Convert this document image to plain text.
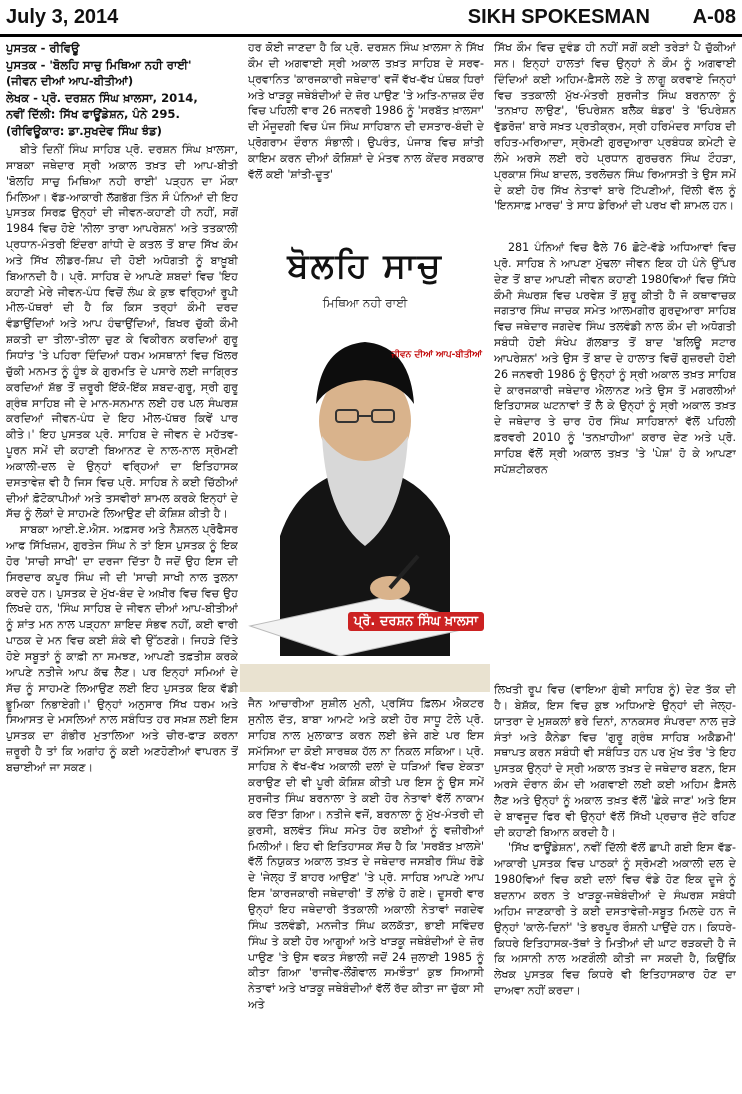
July 3, 2014	SIKH SPOKESMAN A-08
ਪੁਸਤਕ - ਰੀਵਿਊ
ਪੁਸਤਕ - 'ਬੋਲਹਿ ਸਾਚੁ ਮਿਥਿਆ ਨਹੀ ਰਾਈ'
(ਜੀਵਨ ਦੀਆਂ ਆਪ-ਬੀਤੀਆਂ)
ਲੇਖਕ - ਪ੍ਰੋ. ਦਰਸ਼ਨ ਸਿੰਘ ਖ਼ਾਲਸਾ, 2014,
ਨਵੀਂ ਦਿੱਲੀ: ਸਿੱਖ ਫਾਊਂਡੇਸ਼ਨ, ਪੰਨੇ 295.
(ਰੀਵਿਊਕਾਰ: ਡਾ.ਸੁਖਦੇਵ ਸਿੰਘ ਝੰਡ)

ਬੀਤੇ ਦਿਨੀਂ ਸਿੰਘ ਸਾਹਿਬ ਪ੍ਰੋ. ਦਰਸ਼ਨ ਸਿੰਘ ਖ਼ਾਲਸਾ, ਸਾਬਕਾ ਜਥੇਦਾਰ ਸ੍ਰੀ ਅਕਾਲ ਤਖ਼ਤ ਦੀ ਆਪ-ਬੀਤੀ 'ਬੋਲਹਿ ਸਾਚੁ ਮਿਥਿਆ ਨਹੀ ਰਾਈ' ਪੜ੍ਹਨ ਦਾ ਮੌਕਾ ਮਿਲਿਆ। ਵੱਡ-ਆਕਾਰੀ ਲੱਗਭੱਗ ਤਿੰਨ ਸੌ ਪੰਨਿਆਂ ਦੀ ਇਹ ਪੁਸਤਕ ਸਿਰਫ਼ ਉਨ੍ਹਾਂ ਦੀ ਜੀਵਨ-ਕਹਾਣੀ ਹੀ ਨਹੀਂ, ਸਗੋਂ 1984 ਵਿਚ ਹੋਏ 'ਨੀਲਾ ਤਾਰਾ ਆਪਰੇਸ਼ਨ' ਅਤੇ ਤਤਕਾਲੀ ਪ੍ਰਧਾਨ-ਮੰਤਰੀ ਇੰਦਰਾ ਗਾਂਧੀ ਦੇ ਕਤਲ ਤੋਂ ਬਾਦ ਸਿੱਖ ਕੌਮ ਅਤੇ ਸਿੱਖ ਲੀਡਰ-ਸ਼ਿਪ ਦੀ ਹੋਈ ਅਧੋਗਤੀ ਨੂੰ ਬਾਖ਼ੂਬੀ ਬਿਆਨਦੀ ਹੈ। ਪ੍ਰੋ. ਸਾਹਿਬ ਦੇ ਆਪਣੇ ਸ਼ਬਦਾਂ ਵਿਚ 'ਇਹ ਕਹਾਣੀ ਮੇਰੇ ਜੀਵਨ-ਪੰਧ ਵਿਚੋਂ ਲੰਘ ਕੇ ਕੁਝ ਵਰ੍ਹਿਆਂ ਰੂਪੀ ਮੀਲ-ਪੱਥਰਾਂ ਦੀ ਹੈ ਕਿ ਕਿਸ ਤਰ੍ਹਾਂ ਕੌਮੀ ਦਰਦ ਵੰਡਾਉਂਦਿਆਂ ਅਤੇ ਆਪ ਹੰਢਾਉਂਦਿਆਂ, ਬਿਖਰ ਚੁੱਕੀ ਕੌਮੀ ਸ਼ਕਤੀ ਦਾ ਤੀਲਾ-ਤੀਲਾ ਚੁਣ ਕੇ ਵਿਕੀਰਨ ਕਰਦਿਆਂ ਗੁਰੂ ਸਿਧਾਂਤ 'ਤੇ ਪਹਿਰਾ ਦਿੰਦਿਆਂ ਧਰਮ ਅਸਥਾਨਾਂ ਵਿਚ ਖਿੱਲਰ ਚੁੱਕੀ ਮਨਮਤ ਨੂੰ ਹੂੰਝ ਕੇ ਗੁਰਮਤਿ ਦੇ ਪਸਾਰੇ ਲਈ ਜਾਗ੍ਰਿਤ ਕਰਦਿਆਂ ਸ਼ੱਭ ਤੋਂ ਜ਼ਰੂਰੀ ਇੱਕੋ-ਇੱਕ ਸ਼ਬਦ-ਗੁਰੂ, ਸ੍ਰੀ ਗੁਰੂ ਗ੍ਰੰਥ ਸਾਹਿਬ ਜੀ ਦੇ ਮਾਨ-ਸਨਮਾਨ ਲਈ ਹਰ ਪਲ ਸੰਘਰਸ਼ ਕਰਦਿਆਂ ਜੀਵਨ-ਪੰਧ ਦੇ ਇਹ ਮੀਲ-ਪੱਥਰ ਕਿਵੇਂ ਪਾਰ ਕੀਤੇ।' ਇਹ ਪੁਸਤਕ ਪ੍ਰੋ. ਸਾਹਿਬ ਦੇ ਜੀਵਨ ਦੇ ਮਹੱਤਵ-ਪੂਰਨ ਸਮੇਂ ਦੀ ਕਹਾਣੀ ਬਿਆਨਣ ਦੇ ਨਾਲ-ਨਾਲ ਸ੍ਰੋਮਣੀ ਅਕਾਲੀ-ਦਲ ਦੇ ਉਨ੍ਹਾਂ ਵਰ੍ਹਿਆਂ ਦਾ ਇਤਿਹਾਸਕ ਦਸਤਾਵੇਜ਼ ਵੀ ਹੈ ਜਿਸ ਵਿਚ ਪ੍ਰੋ. ਸਾਹਿਬ ਨੇ ਕਈ ਚਿੱਠੀਆਂ ਦੀਆਂ ਫ਼ੋਟੋਕਾਪੀਆਂ ਅਤੇ ਤਸਵੀਰਾਂ ਸ਼ਾਮਲ ਕਰਕੇ ਇਨ੍ਹਾਂ ਦੇ ਸੱਚ ਨੂੰ ਲੋਕਾਂ ਦੇ ਸਾਹਮਣੇ ਲਿਆਉਣ ਦੀ ਕੋਸ਼ਿਸ਼ ਕੀਤੀ ਹੈ।

ਸਾਬਕਾ ਆਈ.ਏ.ਐਸ. ਅਫ਼ਸਰ ਅਤੇ ਨੈਸ਼ਨਲ ਪ੍ਰੋਫੈਸਰ ਆਫ ਸਿੱਖਿਜ਼ਮ, ਗੁਰਤੇਜ ਸਿੰਘ ਨੇ ਤਾਂ ਇਸ ਪੁਸਤਕ ਨੂੰ ਇਕ ਹੋਰ 'ਸਾਚੀ ਸਾਖੀ' ਦਾ ਦਰਜਾ ਦਿੱਤਾ ਹੈ ਜਦੋਂ ਉਹ ਇਸ ਦੀ ਸਿਰਦਾਰ ਕਪੂਰ ਸਿੰਘ ਜੀ ਦੀ 'ਸਾਚੀ ਸਾਖੀ ਨਾਲ ਤੁਲਨਾ ਕਰਦੇ ਹਨ। ਪੁਸਤਕ ਦੇ ਮੁੱਖ-ਬੰਦ ਦੇ ਅਖ਼ੀਰ ਵਿਚ ਵਿਚ ਉਹ ਲਿਖਦੇ ਹਨ, 'ਸਿੰਘ ਸਾਹਿਬ ਦੇ ਜੀਵਨ ਦੀਆਂ ਆਪ-ਬੀਤੀਆਂ ਨੂੰ ਸ਼ਾਂਤ ਮਨ ਨਾਲ ਪੜ੍ਹਨਾ ਸ਼ਾਇਦ ਸੰਭਵ ਨਹੀਂ, ਕਈ ਵਾਰੀ ਪਾਠਕ ਦੇ ਮਨ ਵਿਚ ਕਈ ਸ਼ੰਕੇ ਵੀ ਉੱਠਣਗੇ। ਜਿਹੜੇ ਦਿੱਤੇ ਹੋਏ ਸਬੂਤਾਂ ਨੂੰ ਕਾਫ਼ੀ ਨਾ ਸਮਝਣ, ਆਪਣੀ ਤਫ਼ਤੀਸ਼ ਕਰਕੇ ਆਪਣੇ ਨਤੀਜੇ ਆਪ ਕੱਢ ਲੈਣ। ਪਰ ਇਨ੍ਹਾਂ ਸਮਿਆਂ ਦੇ ਸੱਚ ਨੂੰ ਸਾਹਮਣੇ ਲਿਆਉਣ ਲਈ ਇਹ ਪੁਸਤਕ ਇਕ ਵੱਡੀ ਭੂਮਿਕਾ ਨਿਭਾਏਗੀ।' ਉਨ੍ਹਾਂ ਅਨੁਸਾਰ ਸਿੱਖ ਧਰਮ ਅਤੇ ਸਿਆਸਤ ਦੇ ਮਸਲਿਆਂ ਨਾਲ ਸਬੰਧਿਤ ਹਰ ਸਖ਼ਸ਼ ਲਈ ਇਸ ਪੁਸਤਕ ਦਾ ਗੰਭੀਰ ਮੁਤਾਲਿਆ ਅਤੇ ਚੀਰ-ਫਾੜ ਕਰਨਾ ਜ਼ਰੂਰੀ ਹੈ ਤਾਂ ਕਿ ਅਗਾਂਹ ਨੂੰ ਕਈ ਅਣਹੋਣੀਆਂ ਵਾਪਰਨ ਤੋਂ ਬਚਾਈਆਂ ਜਾ ਸਕਣ।

ਹਰ ਕੋਈ ਜਾਣਦਾ ਹੈ ਕਿ ਪ੍ਰੋ. ਦਰਸ਼ਨ ਸਿੰਘ ਖ਼ਾਲਸਾ ਨੇ ਸਿੱਖ ਕੌਮ ਦੀ ਅਗਵਾਈ ਸ੍ਰੀ ਅਕਾਲ ਤਖ਼ਤ ਸਾਹਿਬ ਦੇ ਸਰਵ-ਪ੍ਰਵਾਨਿਤ 'ਕਾਰਜਕਾਰੀ ਜਥੇਦਾਰ' ਵਜੋਂ ਵੱਖ-ਵੱਖ ਪੰਥਕ ਧਿਰਾਂ ਅਤੇ ਖਾੜਕੂ ਜਥੇਬੰਦੀਆਂ ਦੇ ਜ਼ੋਰ ਪਾਉਣ 'ਤੇ ਅਤਿ-ਨਾਜ਼ਕ ਦੌਰ ਵਿਚ ਪਹਿਲੀ ਵਾਰ 26 ਜਨਵਰੀ 1986 ਨੂੰ 'ਸਰਬੱਤ ਖ਼ਾਲਸਾ' ਦੀ ਮੌਜੂਦਗੀ ਵਿਚ ਪੰਜ ਸਿੰਘ ਸਾਹਿਬਾਨ ਦੀ ਦਸਤਾਰ-ਬੰਦੀ ਦੇ ਪ੍ਰੋਗਰਾਮ ਦੌਰਾਨ ਸੰਭਾਲੀ। ਉਪਰੰਤ, ਪੰਜਾਬ ਵਿਚ ਸ਼ਾਂਤੀ ਕਾਇਮ ਕਰਨ ਦੀਆਂ ਕੋਸ਼ਿਸ਼ਾਂ ਦੇ ਮੰਤਵ ਨਾਲ ਕੇਂਦਰ ਸਰਕਾਰ ਵੱਲੋਂ ਕਈ 'ਸ਼ਾਂਤੀ-ਦੂਤ'

ਸਿੱਖ ਕੌਮ ਵਿਚ ਦੁਵੰਡ ਹੀ ਨਹੀਂ ਸਗੋਂ ਕਈ ਤਰੇੜਾਂ ਪੈ ਚੁੱਕੀਆਂ ਸਨ। ਇਨ੍ਹਾਂ ਹਾਲਤਾਂ ਵਿਚ ਉਨ੍ਹਾਂ ਨੇ ਕੌਮ ਨੂੰ ਅਗਵਾਈ ਦਿੰਦਿਆਂ ਕਈ ਅਹਿਮ-ਫ਼ੈਸਲੇ ਲਏ ਤੇ ਲਾਗੂ ਕਰਵਾਏ ਜਿਨ੍ਹਾਂ ਵਿਚ ਤਤਕਾਲੀ ਮੁੱਖ-ਮੰਤਰੀ ਸੁਰਜੀਤ ਸਿੰਘ ਬਰਨਾਲਾ ਨੂੰ 'ਤਨਖ਼ਾਹ ਲਾਉਣ', 'ਓਪਰੇਸ਼ਨ ਬਲੈਕ ਥੰਡਰ' ਤੇ 'ਓਪਰੇਸ਼ਨ ਵੁੱਡਰੋਜ਼' ਬਾਰੇ ਸਖ਼ਤ ਪ੍ਰਤੀਕ੍ਰਮ, ਸ੍ਰੀ ਹਰਿਮੰਦਰ ਸਾਹਿਬ ਦੀ ਰਹਿਤ-ਮਰਿਆਦਾ, ਸ੍ਰੋਮਣੀ ਗੁਰਦੁਆਰਾ ਪ੍ਰਬੰਧਕ ਕਮੇਟੀ ਦੇ ਲੰਮੇ ਅਰਸੇ ਲਈ ਰਹੇ ਪ੍ਰਧਾਨ ਗੁਰਚਰਨ ਸਿੰਘ ਟੌਹੜਾ, ਪ੍ਰਕਾਸ਼ ਸਿੰਘ ਬਾਦਲ, ਤਰਲੋਚਨ ਸਿੰਘ ਰਿਆਸਤੀ ਤੇ ਉਸ ਸਮੇਂ ਦੇ ਕਈ ਹੋਰ ਸਿੱਖ ਨੇਤਾਵਾਂ ਬਾਰੇ ਟਿੱਪਣੀਆਂ, ਦਿੱਲੀ ਵੱਲ ਨੂੰ 'ਇਨਸਾਫ਼ ਮਾਰਚ' ਤੇ ਸਾਧ ਡੇਰਿਆਂ ਦੀ ਪਰਖ ਵੀ ਸ਼ਾਮਲ ਹਨ।

ਬੋਲਹਿ ਸਾਚੁ
ਮਿਥਿਆ ਨਹੀ ਰਾਈ
ਜੀਵਨ ਦੀਆਂ ਆਪ-ਬੀਤੀਆਂ
ਪ੍ਰੋ. ਦਰਸ਼ਨ ਸਿੰਘ ਖ਼ਾਲਸਾ

281 ਪੰਨਿਆਂ ਵਿਚ ਫੈਲੇ 76 ਛੋਟੇ-ਵੱਡੇ ਅਧਿਆਵਾਂ ਵਿਚ ਪ੍ਰੋ. ਸਾਹਿਬ ਨੇ ਆਪਣਾ ਮੁੱਢਲਾ ਜੀਵਨ ਇਕ ਹੀ ਪੰਨੇ ਉੱਪਰ ਦੇਣ ਤੋਂ ਬਾਦ ਆਪਣੀ ਜੀਵਨ ਕਹਾਣੀ 1980ਵਿਆਂ ਵਿਚ ਸਿੱਧੇ ਕੌਮੀ ਸੰਘਰਸ਼ ਵਿਚ ਪਰਵੇਸ਼ ਤੋਂ ਸ਼ੁਰੂ ਕੀਤੀ ਹੈ ਜੋ ਕਥਾਵਾਚਕ ਜਗਤਾਰ ਸਿੰਘ ਜਾਚਕ ਸਮੇਤ ਆਲਮਗੀਰ ਗੁਰਦੁਆਰਾ ਸਾਹਿਬ ਵਿਚ ਜਥੇਦਾਰ ਜਗਦੇਵ ਸਿੰਘ ਤਲਵੰਡੀ ਨਾਲ ਕੌਮ ਦੀ ਅਧੋਗਤੀ ਸਬੰਧੀ ਹੋਈ ਸੰਖੇਪ ਗੱਲਬਾਤ ਤੋਂ ਬਾਦ 'ਬਲਿਊ ਸਟਾਰ ਆਪਰੇਸ਼ਨ' ਅਤੇ ਉਸ ਤੋਂ ਬਾਦ ਦੇ ਹਾਲਾਤ ਵਿਚੋਂ ਗੁਜ਼ਰਦੀ ਹੋਈ 26 ਜਨਵਰੀ 1986 ਨੂੰ ਉਨ੍ਹਾਂ ਨੂੰ ਸ੍ਰੀ ਅਕਾਲ ਤਖ਼ਤ ਸਾਹਿਬ ਦੇ ਕਾਰਜਕਾਰੀ ਜਥੇਦਾਰ ਐਲਾਨਣ ਅਤੇ ਉਸ ਤੋਂ ਮਗਰਲੀਆਂ ਇਤਿਹਾਸਕ ਘਟਨਾਵਾਂ ਤੋਂ ਲੈ ਕੇ ਉਨ੍ਹਾਂ ਨੂੰ ਸ੍ਰੀ ਅਕਾਲ ਤਖ਼ਤ ਦੇ ਜਥੇਦਾਰ ਤੇ ਚਾਰ ਹੋਰ ਸਿੰਘ ਸਾਹਿਬਾਨਾਂ ਵੱਲੋਂ ਪਹਿਲੀ ਫ਼ਰਵਰੀ 2010 ਨੂੰ 'ਤਨਖ਼ਾਹੀਆ' ਕਰਾਰ ਦੇਣ ਅਤੇ ਪ੍ਰੋ. ਸਾਹਿਬ ਵੱਲੋਂ ਸ੍ਰੀ ਅਕਾਲ ਤਖ਼ਤ 'ਤੇ 'ਪੇਸ਼' ਹੋ ਕੇ ਆਪਣਾ ਸਪੱਸ਼ਟੀਕਰਨ

ਜੈਨ ਆਚਾਰੀਆ ਸੁਸ਼ੀਲ ਮੁਨੀ, ਪ੍ਰਸਿੱਧ ਫ਼ਿਲਮ ਐਕਟਰ ਸੁਨੀਲ ਦੱਤ, ਬਾਬਾ ਆਮਟੇ ਅਤੇ ਕਈ ਹੋਰ ਸਾਧੂ ਟੋਲੇ ਪ੍ਰੋ. ਸਾਹਿਬ ਨਾਲ ਮੁਲਾਕਾਤ ਕਰਨ ਲਈ ਭੇਜੇ ਗਏ ਪਰ ਇਸ ਸਮੱਸਿਆ ਦਾ ਕੋਈ ਸਾਰਥਕ ਹੱਲ ਨਾ ਨਿਕਲ ਸਕਿਆ। ਪ੍ਰੋ. ਸਾਹਿਬ ਨੇ ਵੱਖ-ਵੱਖ ਅਕਾਲੀ ਦਲਾਂ ਦੇ ਧੜਿਆਂ ਵਿਚ ਏਕਤਾ ਕਰਾਉਣ ਦੀ ਵੀ ਪੂਰੀ ਕੋਸ਼ਿਸ਼ ਕੀਤੀ ਪਰ ਇਸ ਨੂੰ ਉਸ ਸਮੇਂ ਸੁਰਜੀਤ ਸਿੰਘ ਬਰਨਾਲਾ ਤੇ ਕਈ ਹੋਰ ਨੇਤਾਵਾਂ ਵੱਲੋਂ ਨਾਕਾਮ ਕਰ ਦਿੱਤਾ ਗਿਆ। ਨਤੀਜੇ ਵਜੋਂ, ਬਰਨਾਲਾ ਨੂੰ ਮੁੱਖ-ਮੰਤਰੀ ਦੀ ਕੁਰਸੀ, ਬਲਵੰਤ ਸਿੰਘ ਸਮੇਤ ਹੋਰ ਕਈਆਂ ਨੂੰ ਵਜ਼ੀਰੀਆਂ ਮਿਲੀਆਂ। ਇਹ ਵੀ ਇਤਿਹਾਸਕ ਸੱਚ ਹੈ ਕਿ 'ਸਰਬੱਤ ਖ਼ਾਲਸੇ' ਵੱਲੋਂ ਨਿਯੁਕਤ ਅਕਾਲ ਤਖ਼ਤ ਦੇ ਜਥੇਦਾਰ ਜਸਬੀਰ ਸਿੰਘ ਰੋਡੇ ਦੇ 'ਜੇਲ੍ਹ ਤੋਂ ਬਾਹਰ ਆਉਣ' 'ਤੇ ਪ੍ਰੋ. ਸਾਹਿਬ ਆਪਣੇ ਆਪ ਇਸ 'ਕਾਰਜਕਾਰੀ ਜਥੇਦਾਰੀ' ਤੋਂ ਲਾਂਭੇ ਹੋ ਗਏ। ਦੂਸਰੀ ਵਾਰ ਉਨ੍ਹਾਂ ਇਹ ਜਥੇਦਾਰੀ ਤੱਤਕਾਲੀ ਅਕਾਲੀ ਨੇਤਾਵਾਂ ਜਗਦੇਵ ਸਿੰਘ ਤਲਵੰਡੀ, ਮਨਜੀਤ ਸਿੰਘ ਕਲਕੱਤਾ, ਭਾਈ ਸਵਿੰਦਰ ਸਿੰਘ ਤੇ ਕਈ ਹੋਰ ਆਗੂਆਂ ਅਤੇ ਖਾੜਕੂ ਜਥੇਬੰਦੀਆਂ ਦੇ ਜ਼ੋਰ ਪਾਉਣ 'ਤੇ ਉਸ ਵਕਤ ਸੰਭਾਲੀ ਜਦੋਂ 24 ਜੁਲਾਈ 1985 ਨੂੰ ਕੀਤਾ ਗਿਆ 'ਰਾਜੀਵ-ਲੌਂਗੋਵਾਲ ਸਮਝੌਤਾ' ਕੁਝ ਸਿਆਸੀ ਨੇਤਾਵਾਂ ਅਤੇ ਖਾੜਕੂ ਜਥੇਬੰਦੀਆਂ ਵੱਲੋਂ ਰੱਦ ਕੀਤਾ ਜਾ ਚੁੱਕਾ ਸੀ ਅਤੇ

ਲਿਖਤੀ ਰੂਪ ਵਿਚ (ਵਾਇਆ ਗੁੰਥੀ ਸਾਹਿਬ ਨੂੰ) ਦੇਣ ਤੱਕ ਦੀ ਹੈ। ਬੇਸ਼ੱਕ, ਇਸ ਵਿਚ ਕੁਝ ਅਧਿਆਏ ਉਨ੍ਹਾਂ ਦੀ ਜੇਲ੍ਹ-ਯਾਤਰਾ ਦੇ ਮੁਸ਼ਕਲਾਂ ਭਰੇ ਦਿਨਾਂ, ਨਾਨਕਸਰ ਸੰਪਰਦਾ ਨਾਲ ਜੁੜੇ ਸੰਤਾਂ ਅਤੇ ਕੈਨੇਡਾ ਵਿਚ 'ਗੁਰੂ ਗ੍ਰੰਥ ਸਾਹਿਬ ਅਕੈਡਮੀ' ਸਥਾਪਤ ਕਰਨ ਸਬੰਧੀ ਵੀ ਸਬੰਧਿਤ ਹਨ ਪਰ ਮੁੱਖ ਤੌਰ 'ਤੇ ਇਹ ਪੁਸਤਕ ਉਨ੍ਹਾਂ ਦੇ ਸ੍ਰੀ ਅਕਾਲ ਤਖ਼ਤ ਦੇ ਜਥੇਦਾਰ ਬਣਨ, ਇਸ ਅਰਸੇ ਦੌਰਾਨ ਕੌਮ ਦੀ ਅਗਵਾਈ ਲਈ ਕਈ ਅਹਿਮ ਫ਼ੈਸਲੇ ਲੈਣ ਅਤੇ ਉਨ੍ਹਾਂ ਨੂੰ ਅਕਾਲ ਤਖ਼ਤ ਵੱਲੋਂ 'ਛੇਕੇ ਜਾਣ' ਅਤੇ ਇਸ ਦੇ ਬਾਵਜੂਦ ਫਿਰ ਵੀ ਉਨ੍ਹਾਂ ਵੱਲੋਂ ਸਿੱਖੀ ਪ੍ਰਚਾਰ ਜੁੱਟੇ ਰਹਿਣ ਦੀ ਕਹਾਣੀ ਬਿਆਨ ਕਰਦੀ ਹੈ।

'ਸਿੱਖ ਫਾਊਂਡੇਸ਼ਨ', ਨਵੀਂ ਦਿੱਲੀ ਵੱਲੋਂ ਛਾਪੀ ਗਈ ਇਸ ਵੱਡ-ਆਕਾਰੀ ਪੁਸਤਕ ਵਿਚ ਪਾਠਕਾਂ ਨੂੰ ਸ੍ਰੋਮਣੀ ਅਕਾਲੀ ਦਲ ਦੇ 1980ਵਿਆਂ ਵਿਚ ਕਈ ਦਲਾਂ ਵਿਚ ਵੰਡੇ ਹੋਣ ਇਕ ਦੂਜੇ ਨੂੰ ਬਦਨਾਮ ਕਰਨ ਤੇ ਖਾੜਕੂ-ਜਥੇਬੰਦੀਆਂ ਦੇ ਸੰਘਰਸ਼ ਸਬੰਧੀ ਅਹਿਮ ਜਾਣਕਾਰੀ ਤੇ ਕਈ ਦਸਤਾਵੇਜ਼ੀ-ਸਬੂਤ ਮਿਲਦੇ ਹਨ ਜੋ ਉਨ੍ਹਾਂ 'ਕਾਲੇ-ਦਿਨਾਂ' 'ਤੇ ਭਰਪੂਰ ਰੌਸ਼ਨੀ ਪਾਉਂਦੇ ਹਨ। ਕਿਧਰੇ-ਕਿਧਰੇ ਇਤਿਹਾਸਕ-ਤੱਥਾਂ ਤੇ ਮਿਤੀਆਂ ਦੀ ਘਾਟ ਰੜਕਦੀ ਹੈ ਜੋ ਕਿ ਅਸਾਨੀ ਨਾਲ ਅਣਗੌਲੀ ਕੀਤੀ ਜਾ ਸਕਦੀ ਹੈ, ਕਿਉਂਕਿ ਲੇਖਕ ਪੁਸਤਕ ਵਿਚ ਕਿਧਰੇ ਵੀ ਇਤਿਹਾਸਕਾਰ ਹੋਣ ਦਾ ਦਾਅਵਾ ਨਹੀਂ ਕਰਦਾ।
